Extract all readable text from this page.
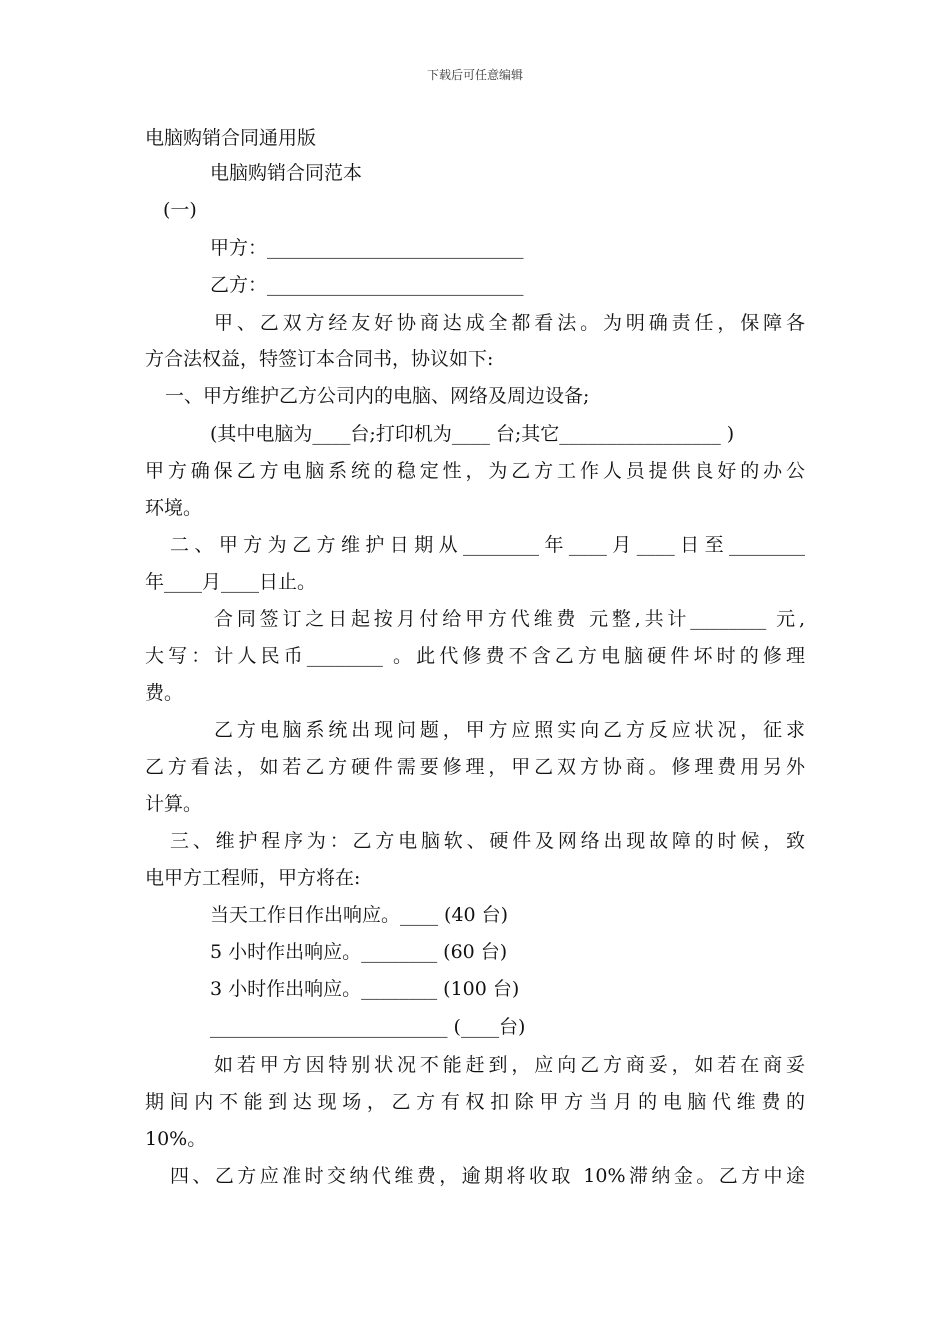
下载后可任意编辑
电脑购销合同通用版
电脑购销合同范本
(一)
甲方：___________________________
乙方：___________________________
甲、乙双方经友好协商达成全都看法。为明确责任，保障各
方合法权益，特签订本合同书，协议如下:
一、甲方维护乙方公司内的电脑、网络及周边设备;
(其中电脑为____台;打印机为____ 台;其它_________________ )
甲方确保乙方电脑系统的稳定性，为乙方工作人员提供良好的办公
环境。
二、甲方为乙方维护日期从________年____月____日至________
年____月____日止。
合同签订之日起按月付给甲方代维费 元整,共计________ 元,
大写：计人民币________ 。此代修费不含乙方电脑硬件坏时的修理
费。
乙方电脑系统出现问题，甲方应照实向乙方反应状况，征求
乙方看法，如若乙方硬件需要修理，甲乙双方协商。修理费用另外
计算。
三、维护程序为：乙方电脑软、硬件及网络出现故障的时候，致
电甲方工程师，甲方将在:
当天工作日作出响应。____ (40 台)
5 小时作出响应。________ (60 台)
3 小时作出响应。________ (100 台)
_________________________ (____台)
如若甲方因特别状况不能赶到，应向乙方商妥，如若在商妥
期间内不能到达现场，乙方有权扣除甲方当月的电脑代维费的
10%。
四、乙方应准时交纳代维费，逾期将收取 10%滞纳金。乙方中途
